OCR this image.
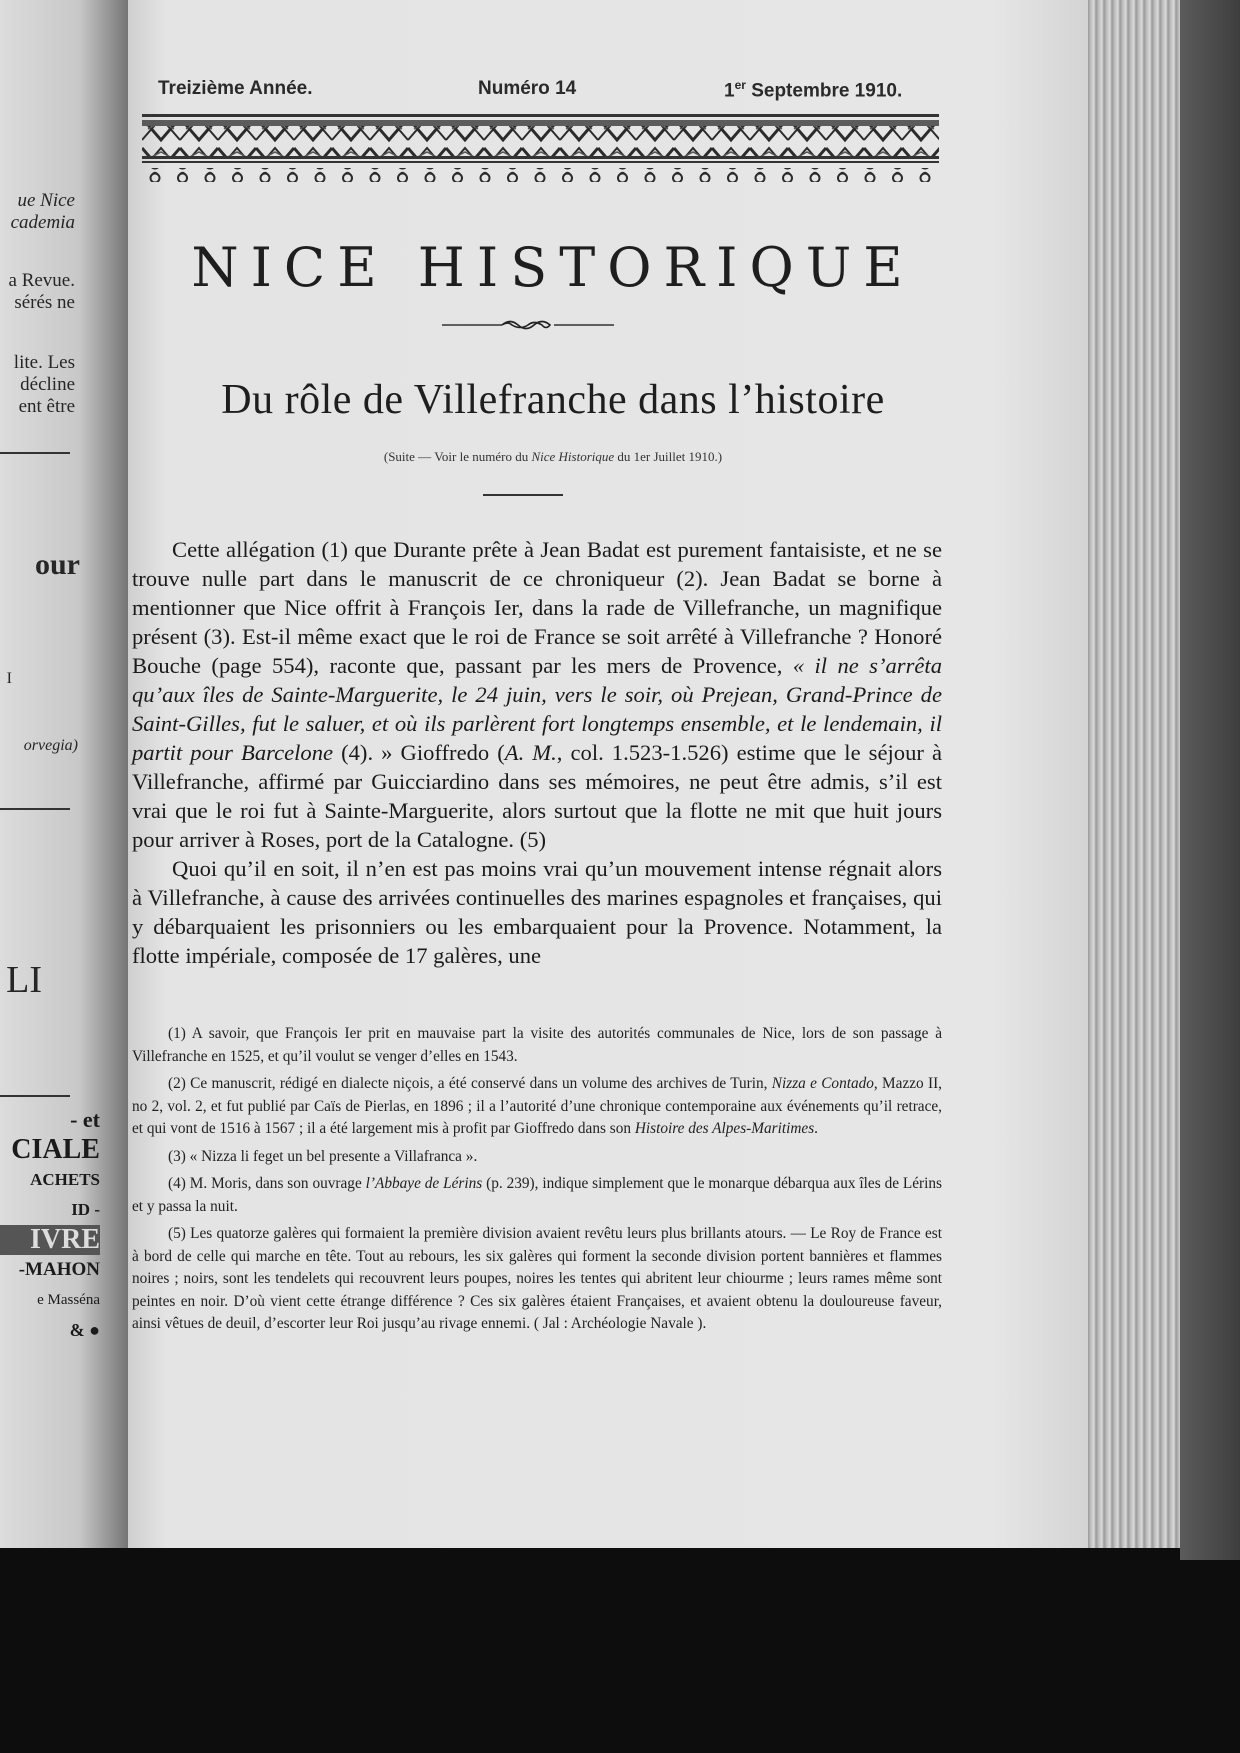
ue Nice
cademia
a Revue.
sérés ne
lite. Les
décline
ent être
our
I
orvegia)
LI
- et
CIALE
ACHETS
ID -
IVRE
-MAHON
e Masséna
& ●
Treizième Année.	Numéro 14	1er Septembre 1910.
NICE HISTORIQUE
Du rôle de Villefranche dans l’histoire
(Suite — Voir le numéro du Nice Historique du 1er Juillet 1910.)

Cette allégation (1) que Durante prête à Jean Badat est purement fantaisiste, et ne se trouve nulle part dans le manuscrit de ce chroniqueur (2). Jean Badat se borne à mentionner que Nice offrit à François Ier, dans la rade de Villefranche, un magnifique présent (3). Est-il même exact que le roi de France se soit arrêté à Villefranche ? Honoré Bouche (page 554), raconte que, passant par les mers de Provence, « il ne s’arrêta qu’aux îles de Sainte-Marguerite, le 24 juin, vers le soir, où Prejean, Grand-Prince de Saint-Gilles, fut le saluer, et où ils parlèrent fort longtemps ensemble, et le lendemain, il partit pour Barcelone (4). » Gioffredo (A. M., col. 1.523-1.526) estime que le séjour à Villefranche, affirmé par Guicciardino dans ses mémoires, ne peut être admis, s’il est vrai que le roi fut à Sainte-Marguerite, alors surtout que la flotte ne mit que huit jours pour arriver à Roses, port de la Catalogne. (5)

Quoi qu’il en soit, il n’en est pas moins vrai qu’un mouvement intense régnait alors à Villefranche, à cause des arrivées continuelles des marines espagnoles et françaises, qui y débarquaient les prisonniers ou les embarquaient pour la Provence. Notamment, la flotte impériale, composée de 17 galères, une

(1) A savoir, que François Ier prit en mauvaise part la visite des autorités communales de Nice, lors de son passage à Villefranche en 1525, et qu’il voulut se venger d’elles en 1543.

(2) Ce manuscrit, rédigé en dialecte niçois, a été conservé dans un volume des archives de Turin, Nizza e Contado, Mazzo II, no 2, vol. 2, et fut publié par Caïs de Pierlas, en 1896 ; il a l’autorité d’une chronique contemporaine aux événements qu’il retrace, et qui vont de 1516 à 1567 ; il a été largement mis à profit par Gioffredo dans son Histoire des Alpes-Maritimes.

(3) « Nizza li feget un bel presente a Villafranca ».

(4) M. Moris, dans son ouvrage l’Abbaye de Lérins (p. 239), indique simplement que le monarque débarqua aux îles de Lérins et y passa la nuit.

(5) Les quatorze galères qui formaient la première division avaient revêtu leurs plus brillants atours. — Le Roy de France est à bord de celle qui marche en tête. Tout au rebours, les six galères qui forment la seconde division portent bannières et flammes noires ; noirs, sont les tendelets qui recouvrent leurs poupes, noires les tentes qui abritent leur chiourme ; leurs rames même sont peintes en noir. D’où vient cette étrange différence ? Ces six galères étaient Françaises, et avaient obtenu la douloureuse faveur, ainsi vêtues de deuil, d’escorter leur Roi jusqu’au rivage ennemi. ( Jal : Archéologie Navale ).
